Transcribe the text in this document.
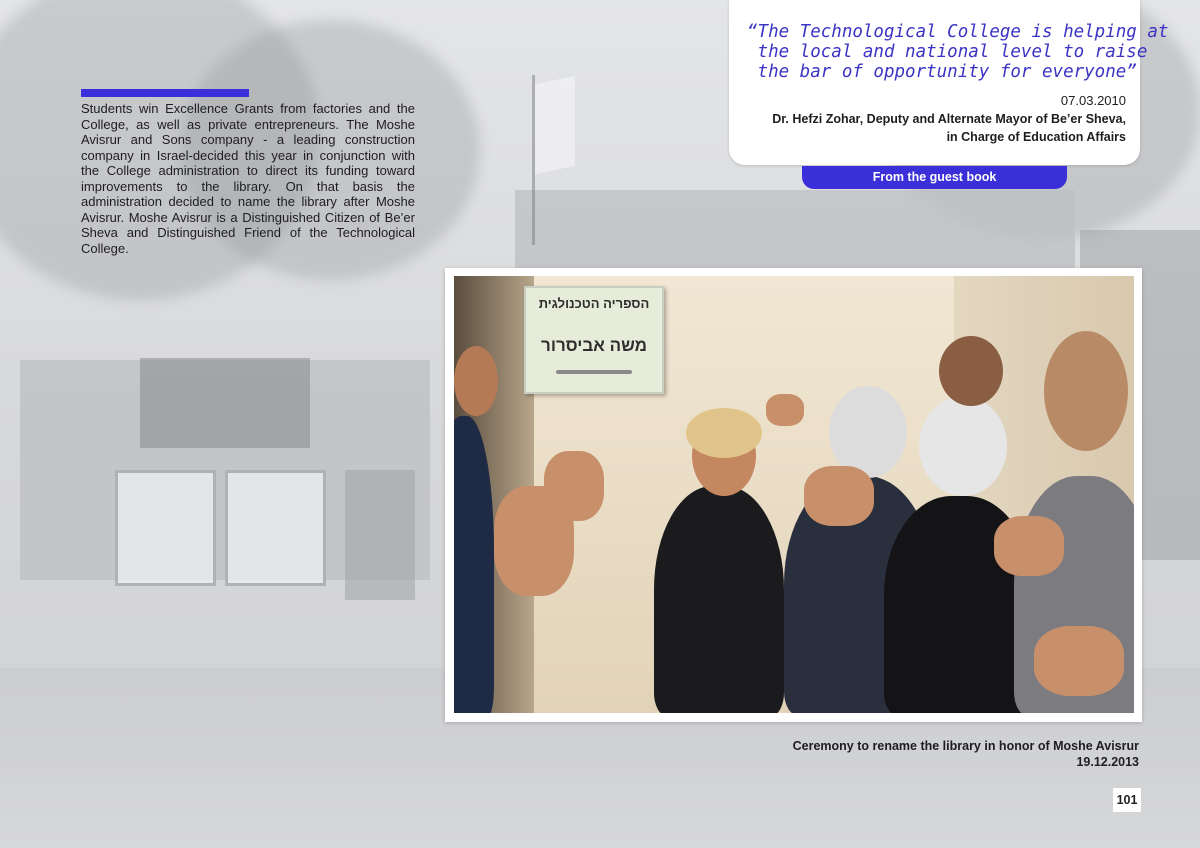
Students win Excellence Grants from factories and the College, as well as private entrepreneurs. The Moshe Avisrur and Sons company - a leading construction company in Israel-decided this year in conjunction with the College administration to direct its funding toward improvements to the library. On that basis the administration decided to name the library after Moshe Avisrur. Moshe Avisrur is a Distinguished Citizen of Be’er Sheva and Distinguished Friend of the Technological College.
“The Technological College is helping
the local and national level to raise
the bar of opportunity for everyone”
07.03.2010
Dr. Hefzi Zohar, Deputy and Alternate Mayor of Be’er Sheva,
in Charge of Education Affairs
From the guest book
הספריה הטכנולגית
משה אביסרור
Ceremony to rename the library in honor of Moshe Avisrur
19.12.2013
101
